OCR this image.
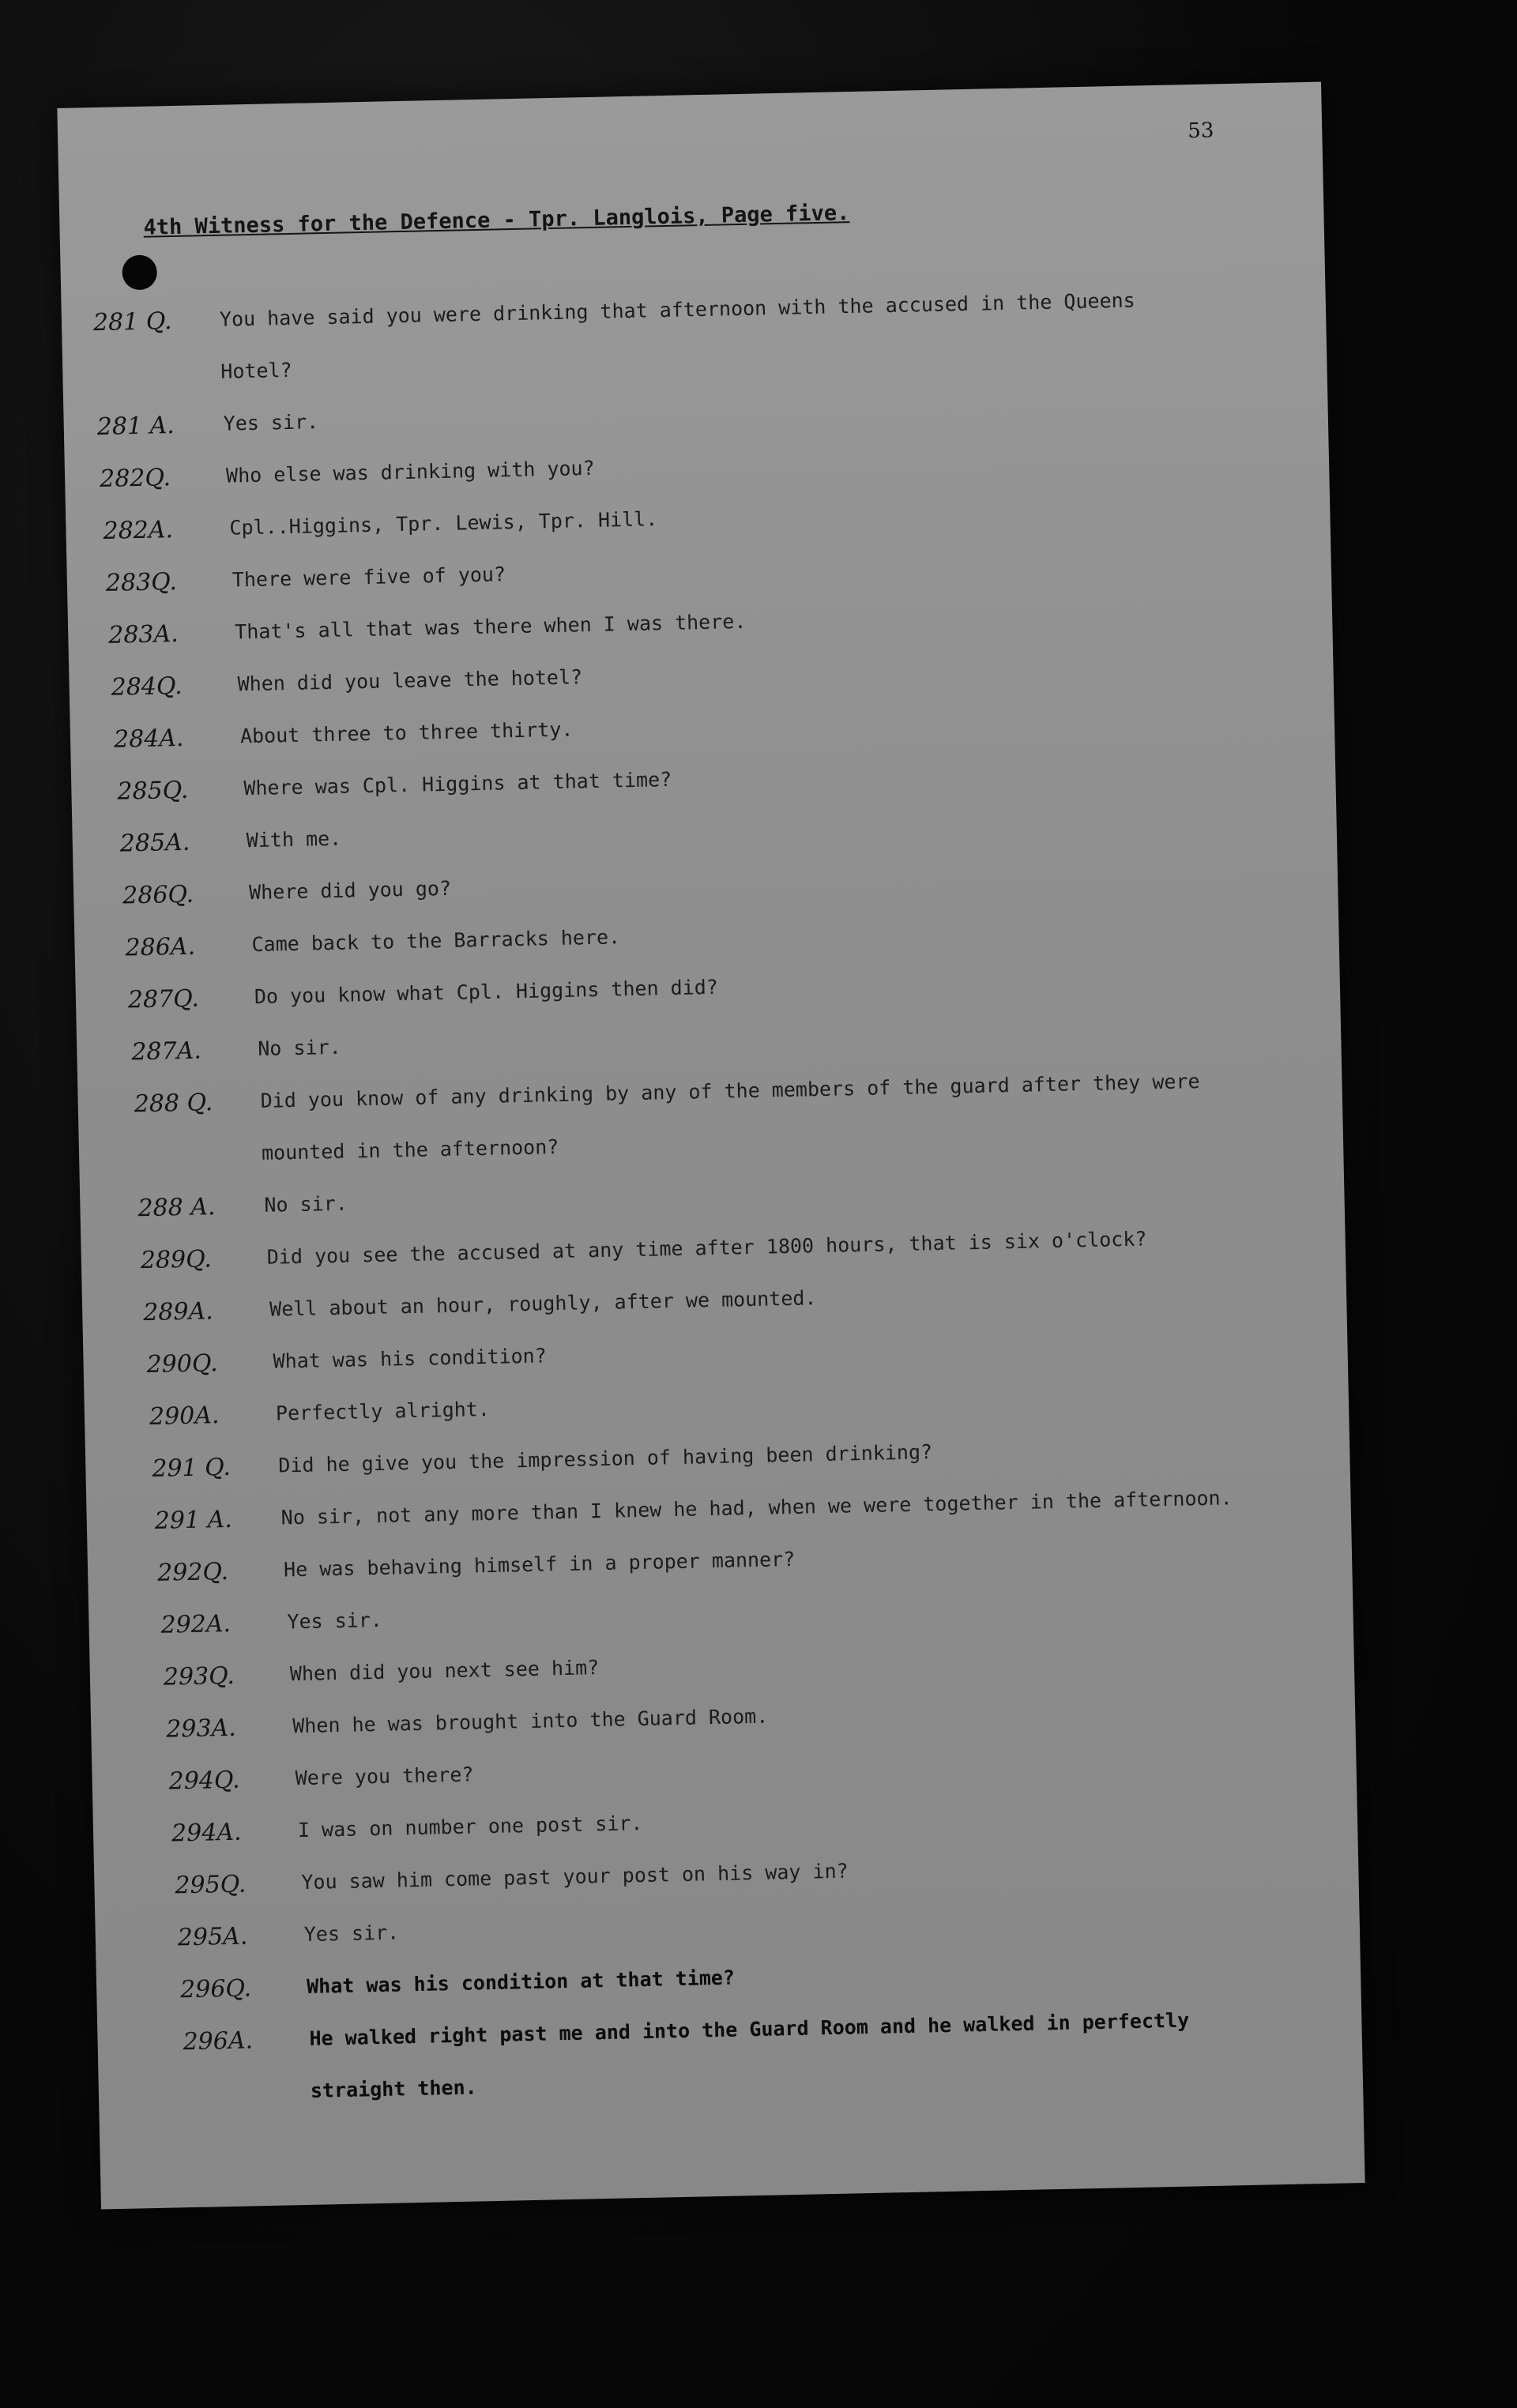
53
4th Witness for the Defence - Tpr. Langlois, Page five.
281 Q.	You have said you were drinking that afternoon with the accused in the Queens
Hotel?
281 A.	Yes sir.
282Q.	Who else was drinking with you?
282A.	Cpl..Higgins, Tpr. Lewis, Tpr. Hill.
283Q.	There were five of you?
283A.	That's all that was there when I was there.
284Q.	When did you leave the hotel?
284A.	About three to three thirty.
285Q.	Where was Cpl. Higgins at that time?
285A.	With me.
286Q.	Where did you go?
286A.	Came back to the Barracks here.
287Q.	Do you know what Cpl. Higgins then did?
287A.	No sir.
288 Q.	Did you know of any drinking by any of the members of the guard after they were
mounted in the afternoon?
288 A.	No sir.
289Q.	Did you see the accused at any time after 1800 hours, that is six o'clock?
289A.	Well about an hour, roughly, after we mounted.
290Q.	What was his condition?
290A.	Perfectly alright.
291 Q.	Did he give you the impression of having been drinking?
291 A.	No sir, not any more than I knew he had, when we were together in the afternoon.
292Q.	He was behaving himself in a proper manner?
292A.	Yes sir.
293Q.	When did you next see him?
293A.	When he was brought into the Guard Room.
294Q.	Were you there?
294A.	I was on number one post sir.
295Q.	You saw him come past your post on his way in?
295A.	Yes sir.
296Q.	What was his condition at that time?
296A.	He walked right past me and into the Guard Room and he walked in perfectly
straight then.
